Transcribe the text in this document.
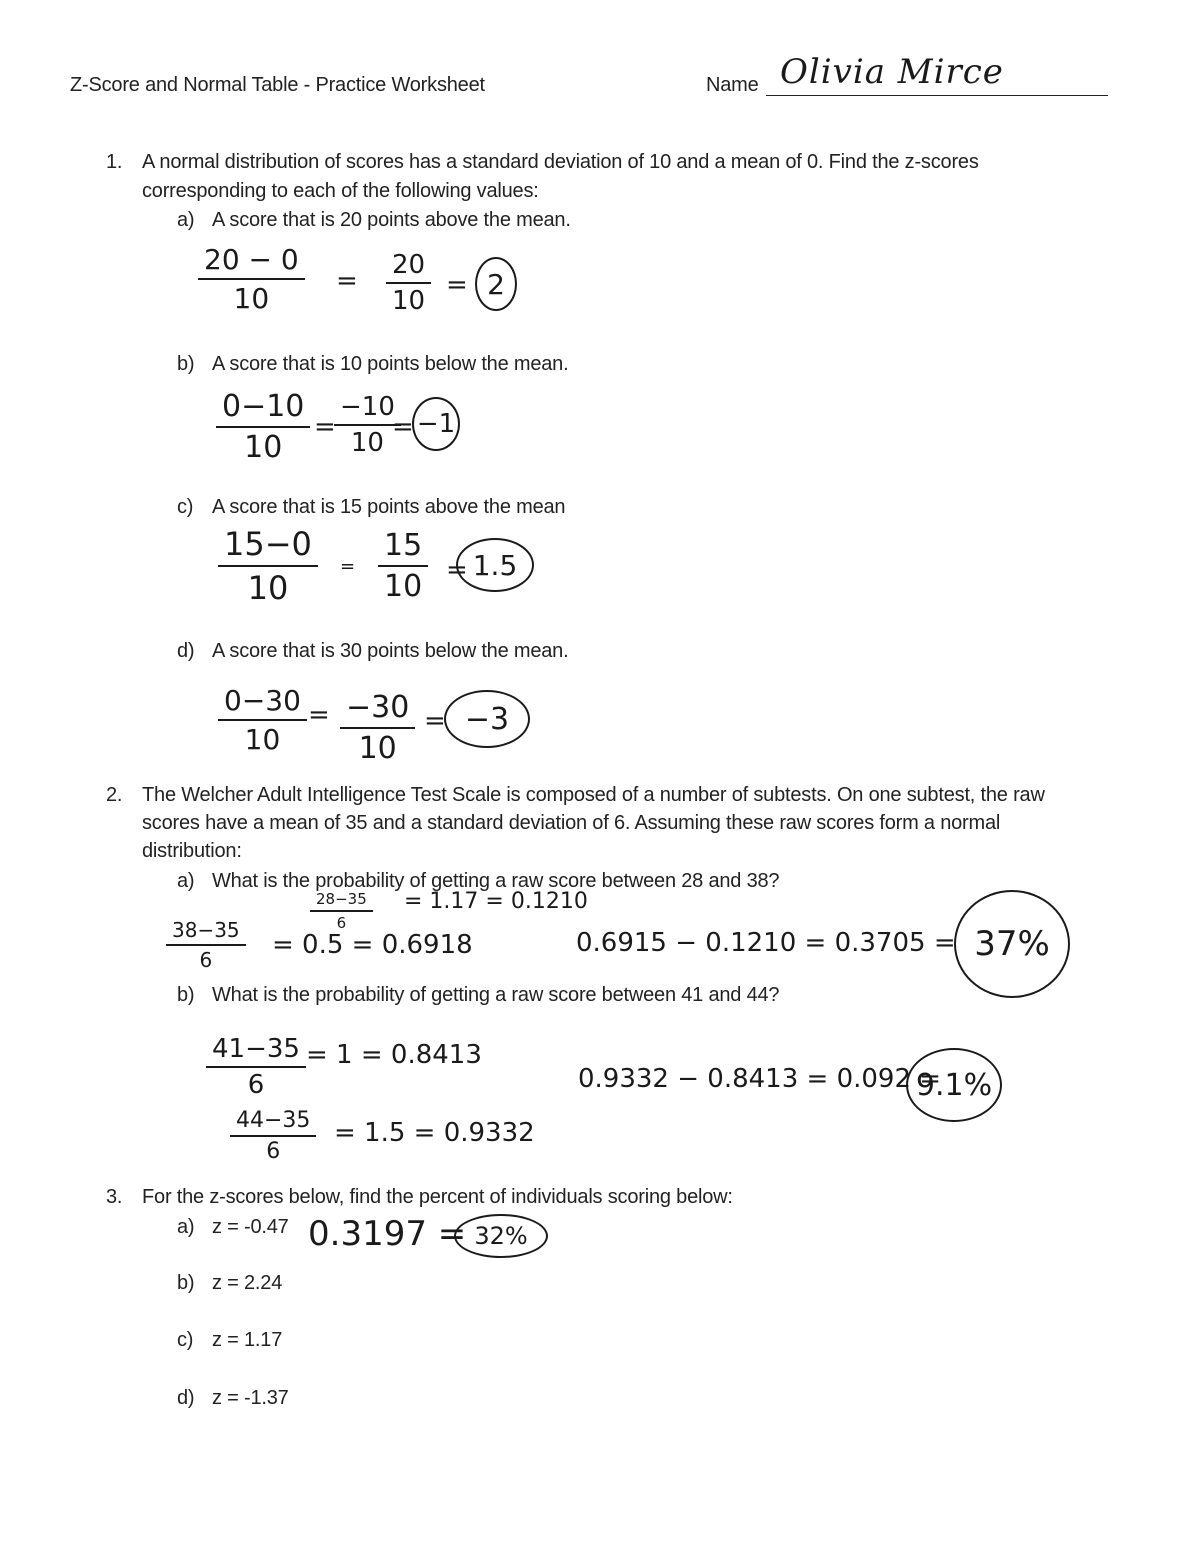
Z-Score and Normal Table - Practice Worksheet	Name Olivia Mirce
1. A normal distribution of scores has a standard deviation of 10 and a mean of 0. Find the z-scores
corresponding to each of the following values:
a) A score that is 20 points above the mean.
$\frac{20 - 0}{10} = \frac{20}{10} = 2$
b) A score that is 10 points below the mean.
$\frac{0-10}{10}$ =
$\frac{-10}{10}$
= −1
c) A score that is 15 points above the mean
$\frac{15-0}{10} = \frac{15}{10} = 1.5$
d) A score that is 30 points below the mean.
$\frac{0-30}{10} = \frac{-30}{10} = -3$
2. The Welcher Adult Intelligence Test Scale is composed of a number of subtests. On one subtest, the raw
scores have a mean of 35 and a standard deviation of 6. Assuming these raw scores form a normal
distribution:
a) What is the probability of getting a raw score between 28 and 38?
$\frac{28-35}{6} = 1.17 = 0.1210$
$\frac{38-35}{6} = 0.5 = 0.6918$	0.6915 − 0.1210 = 0.3705 = 37%
b) What is the probability of getting a raw score between 41 and 44?
$\frac{41-35}{6} = 1 = 0.8413$
$\frac{44-35}{6} = 1.5 = 0.9332$
0.9332 − 0.8413 = 0.092 =
9.1%
3. For the z-scores below, find the percent of individuals scoring below:
a) z = -0.47 0.3197 = 32%
b) z = 2.24
c) z = 1.17
d) z = -1.37
